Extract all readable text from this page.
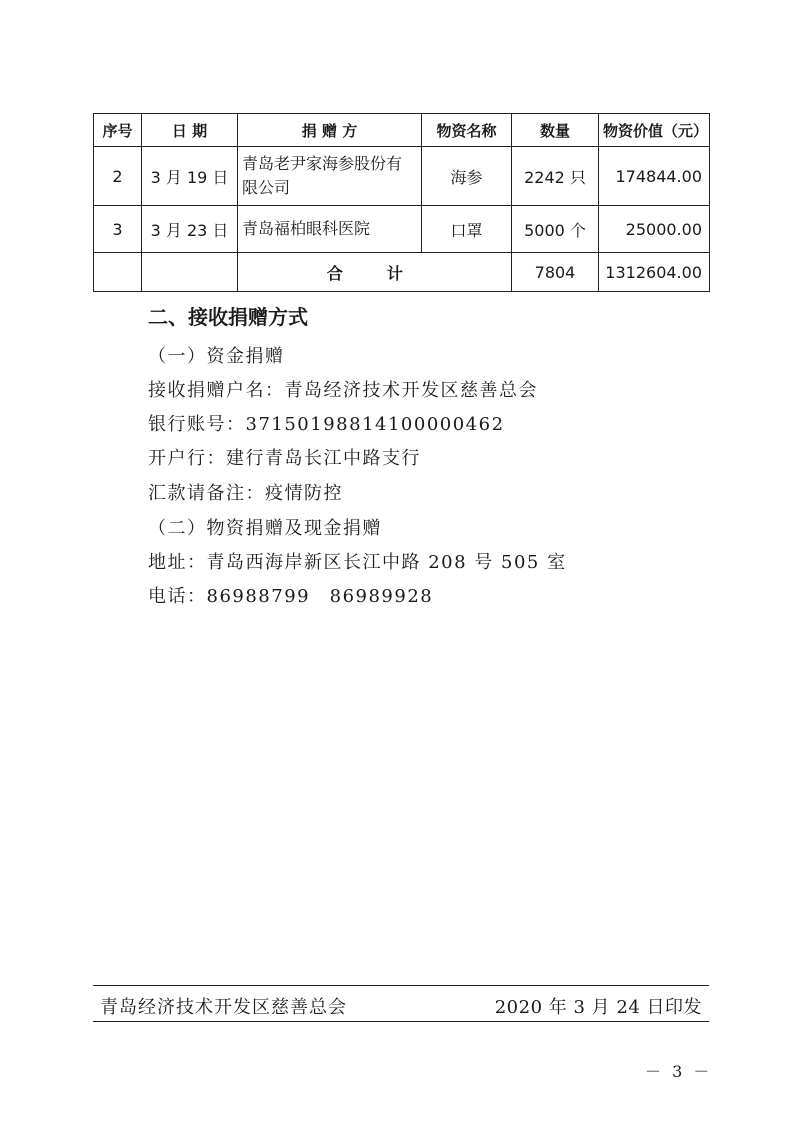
序号	日 期	捐 赠 方	物资名称	数量	物资价值（元）
2	3 月 19 日	青岛老尹家海参股份有
限公司	海参	2242 只	174844.00
3	3 月 23 日	青岛福柏眼科医院	口罩	5000 个	25000.00
		合 计		7804	1312604.00
二、接收捐赠方式
（一）资金捐赠
接收捐赠户名：青岛经济技术开发区慈善总会
银行账号：37150198814100000462
开户行：建行青岛长江中路支行
汇款请备注：疫情防控
（二）物资捐赠及现金捐赠
地址：青岛西海岸新区长江中路 208 号 505 室
电话：86988799　86989928
青岛经济技术开发区慈善总会	2020 年 3 月 24 日印发
－ 3 －
